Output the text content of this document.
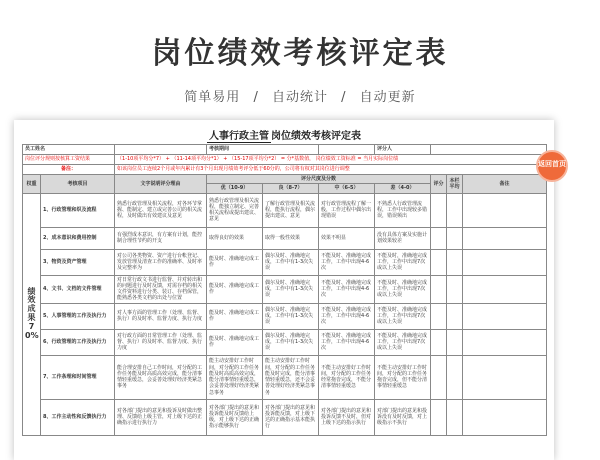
岗位绩效考核评定表
简单易用 / 自动统计 / 自动更新
人事行政主管 岗位绩效考核评定表
员工姓名			考核期间			评分人			
岗位评分规则按核算工资结果		（1-10项平均分*7） + （11-14项平均分*1） + （15-17项平均分*2） = 分*基数值， 岗位绩效工资标准 = 当月实际岗位绩							
备注：		如该岗位员工连续2个月或年内累计有3个月出现月绩效考评分低于60分的，公司将有权对其岗位进行调整							
权重	考核项目	文字说明评分理由	评分尺度及分数				评分	本栏平均	备注
			优（10-9）	良（8-7）	中（6-5）	差（4-0）			
绩效成果70%	1、行政管理和织及流程	熟悉行政管理及相关流程，对各环节掌握、能制定、建立或完善公司的相关流程，及时做出有效建议及意见	熟悉行政管理及相关流程，能独立制定、完善相关流程或提出建议、意见	了解行政管理及相关流程，能执行流程，偶尔提出建议、意见	对行政管理流程了解一般，工作过程中偶尔出现错误	不熟悉人行政管理流程，工作中出现较多错误，错误频出			
	2、成本意识和费用控制	有强烈成本意识，有方案有计划，能控制合理性节约的开支	取得良好的效果	取得一般性效果	效果不明显	没有具体方案及实施计划效果较差			
	3、物资及资产管理	对公司各类物资、资产进行台帐登记、发放管理及清查工作的准确率、及时率及完整率为	能及时、准确地完成工作	偶尔及时、准确地完成，工作中有1-3次失误	不能及时、准确地完成工作，工作中出现4-6次	不能及时，准确地完成工作，工作中出现7次或以上失误			
	4、文书、文档的文件管理	对日常行政文书进行监督、并对转出和的问题进行及时反馈，对需存档的相关文件资料进行分类、装订、存档保管，能熟悉各类文档的出处与位置	能及时、准确地完成工作	偶尔及时、准确地完成，工作中有1-3次失误	不能及时、准确地完成工作，工作中出现4-6次	不能及时、准确地完成工作，工作中出现7次或以上失误			
	5、人事管理的工作及执行力	对人事方面的管理工作（处理、监督、执行）的及时率、监督力度、执行力度	能及时、准确地完成工作	偶尔及时、准确地完成，工作中有1-3次失误	不能及时、准确地完成工作，工作中出现4-6次	不能及时、准确地完成工作，工作中出现7次或以上失误			
	6、行政管理的工作及执行力	对行政方面的日常管理工作（处理、监督、执行）的及时率、监督力度、执行力度	能及时、准确地完成工作	偶尔及时、准确地完成，工作中有1-3次失误	不能及时、准确地完成工作，工作中出现4-6次	不能及时、准确地完成工作，工作中出现7次或以上失误			
	7、工作条理和时间管理	能合理安排自己工作时间，对分配的工作任务能及时高质高效完成，能分清事情轻重缓急，会妥善处理好经济类紧急事务	能主动安排好工作时间，对分配的工作任务能及时高质高效完成，能分清事情轻重缓急，会妥善处理好经济类紧急事务	能主动安排好工作时间，对分配的工作任务能及时完成，能分清事情轻重缓急，还不会妥善处理好经济类紧急事务	不能主动安排好工作时间，对分配的工作任务经常拖沓完成，不能分清事情轻重缓急	不能主动安排好工作时间，对分配的工作任务拖沓完成，但不能分清事情轻重缓急			
	8、工作主动性和反馈执行力	对各部门提出的意见和投诉及时做出整理、反馈给上级主管，对上级下达的正确指示进行执行力	对各部门提出的意见和投诉能及时反馈给上级，对上级下达的正确指示能够执行	对各部门提出的意见和投诉能反馈，对上级下达的正确指示基本能执行	对各部门提出的意见和投诉反馈不及时，但对上级下达的指示执行	对部门提出的意见和投诉没有及时反馈，对上级指示不执行			
返回首页
